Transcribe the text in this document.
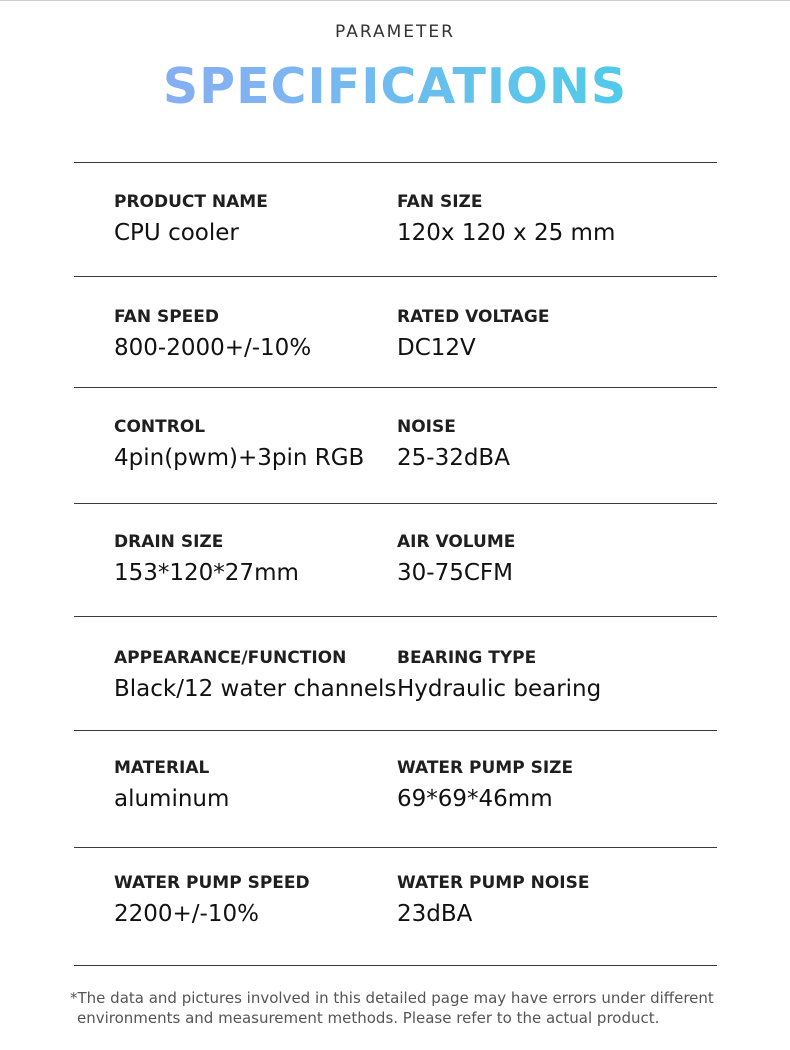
PARAMETER
SPECIFICATIONS
PRODUCT NAME
CPU cooler
FAN SIZE
120x 120 x 25 mm
FAN SPEED
800-2000+/-10%
RATED VOLTAGE
DC12V
CONTROL
4pin(pwm)+3pin RGB
NOISE
25-32dBA
DRAIN SIZE
153*120*27mm
AIR VOLUME
30-75CFM
APPEARANCE/FUNCTION
Black/12 water channels
BEARING TYPE
Hydraulic bearing
MATERIAL
aluminum
WATER PUMP SIZE
69*69*46mm
WATER PUMP SPEED
2200+/-10%
WATER PUMP NOISE
23dBA
*The data and pictures involved in this detailed page may have errors under different
environments and measurement methods. Please refer to the actual product.
